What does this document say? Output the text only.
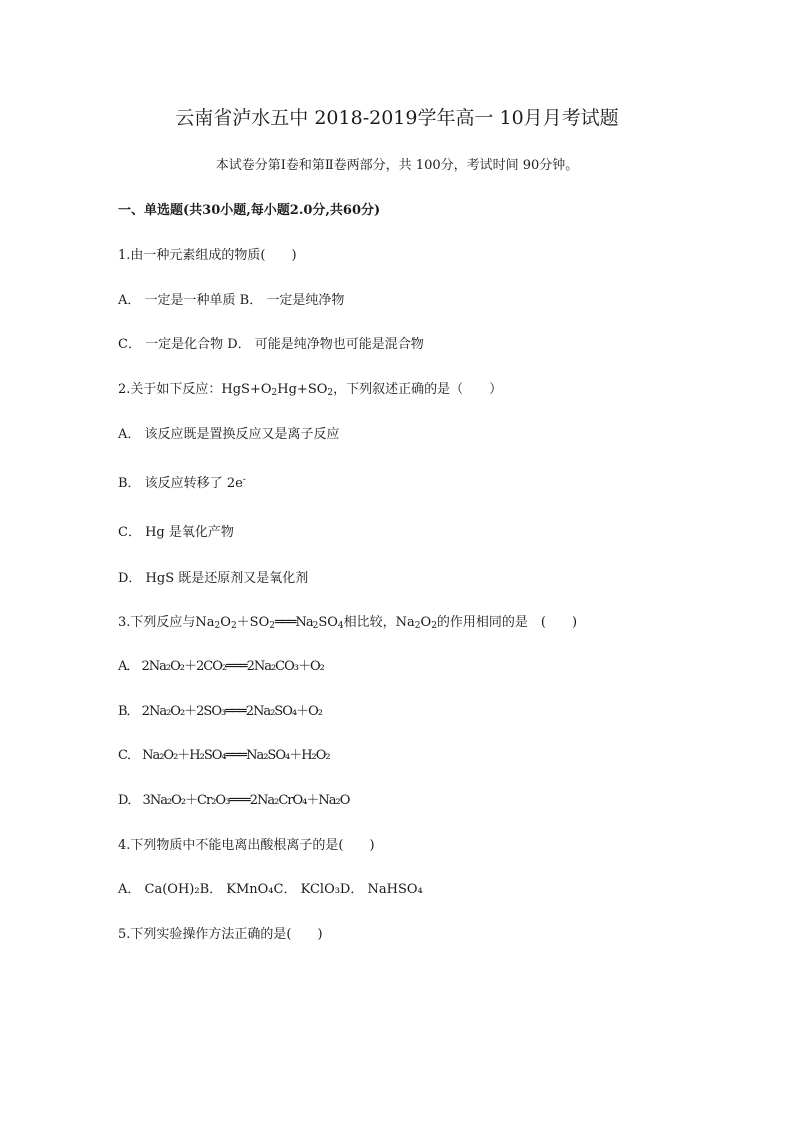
云南省泸水五中 2018-2019学年高一 10月月考试题

本试卷分第Ⅰ卷和第Ⅱ卷两部分，共 100分，考试时间 90分钟。

一、单选题(共30小题,每小题2.0分,共60分)

1.由一种元素组成的物质(　　)

A． 一定是一种单质 B． 一定是纯净物

C． 一定是化合物 D． 可能是纯净物也可能是混合物

2.关于如下反应：$HgS+O_2Hg+SO_2$，下列叙述正确的是（　　）

A． 该反应既是置换反应又是离子反应

B． 该反应转移了 2e-

C． Hg 是氧化产物

D． HgS 既是还原剂又是氧化剂

3.下列反应与$Na_2O_2+SO_2═══Na_2SO_4$相比较，$Na_2O_2$的作用相同的是　(　　)

A． 2Na₂O₂＋2CO₂═══2Na₂CO₃＋O₂

B． 2Na₂O₂＋2SO₃═══2Na₂SO₄＋O₂

C． Na₂O₂＋H₂SO₄═══Na₂SO₄＋H₂O₂

D． 3Na₂O₂＋Cr₂O₃═══2Na₂CrO₄＋Na₂O

4.下列物质中不能电离出酸根离子的是(　　)

A． Ca(OH)₂B． KMnO₄C． KClO₃D． NaHSO₄

5.下列实验操作方法正确的是(　　)
